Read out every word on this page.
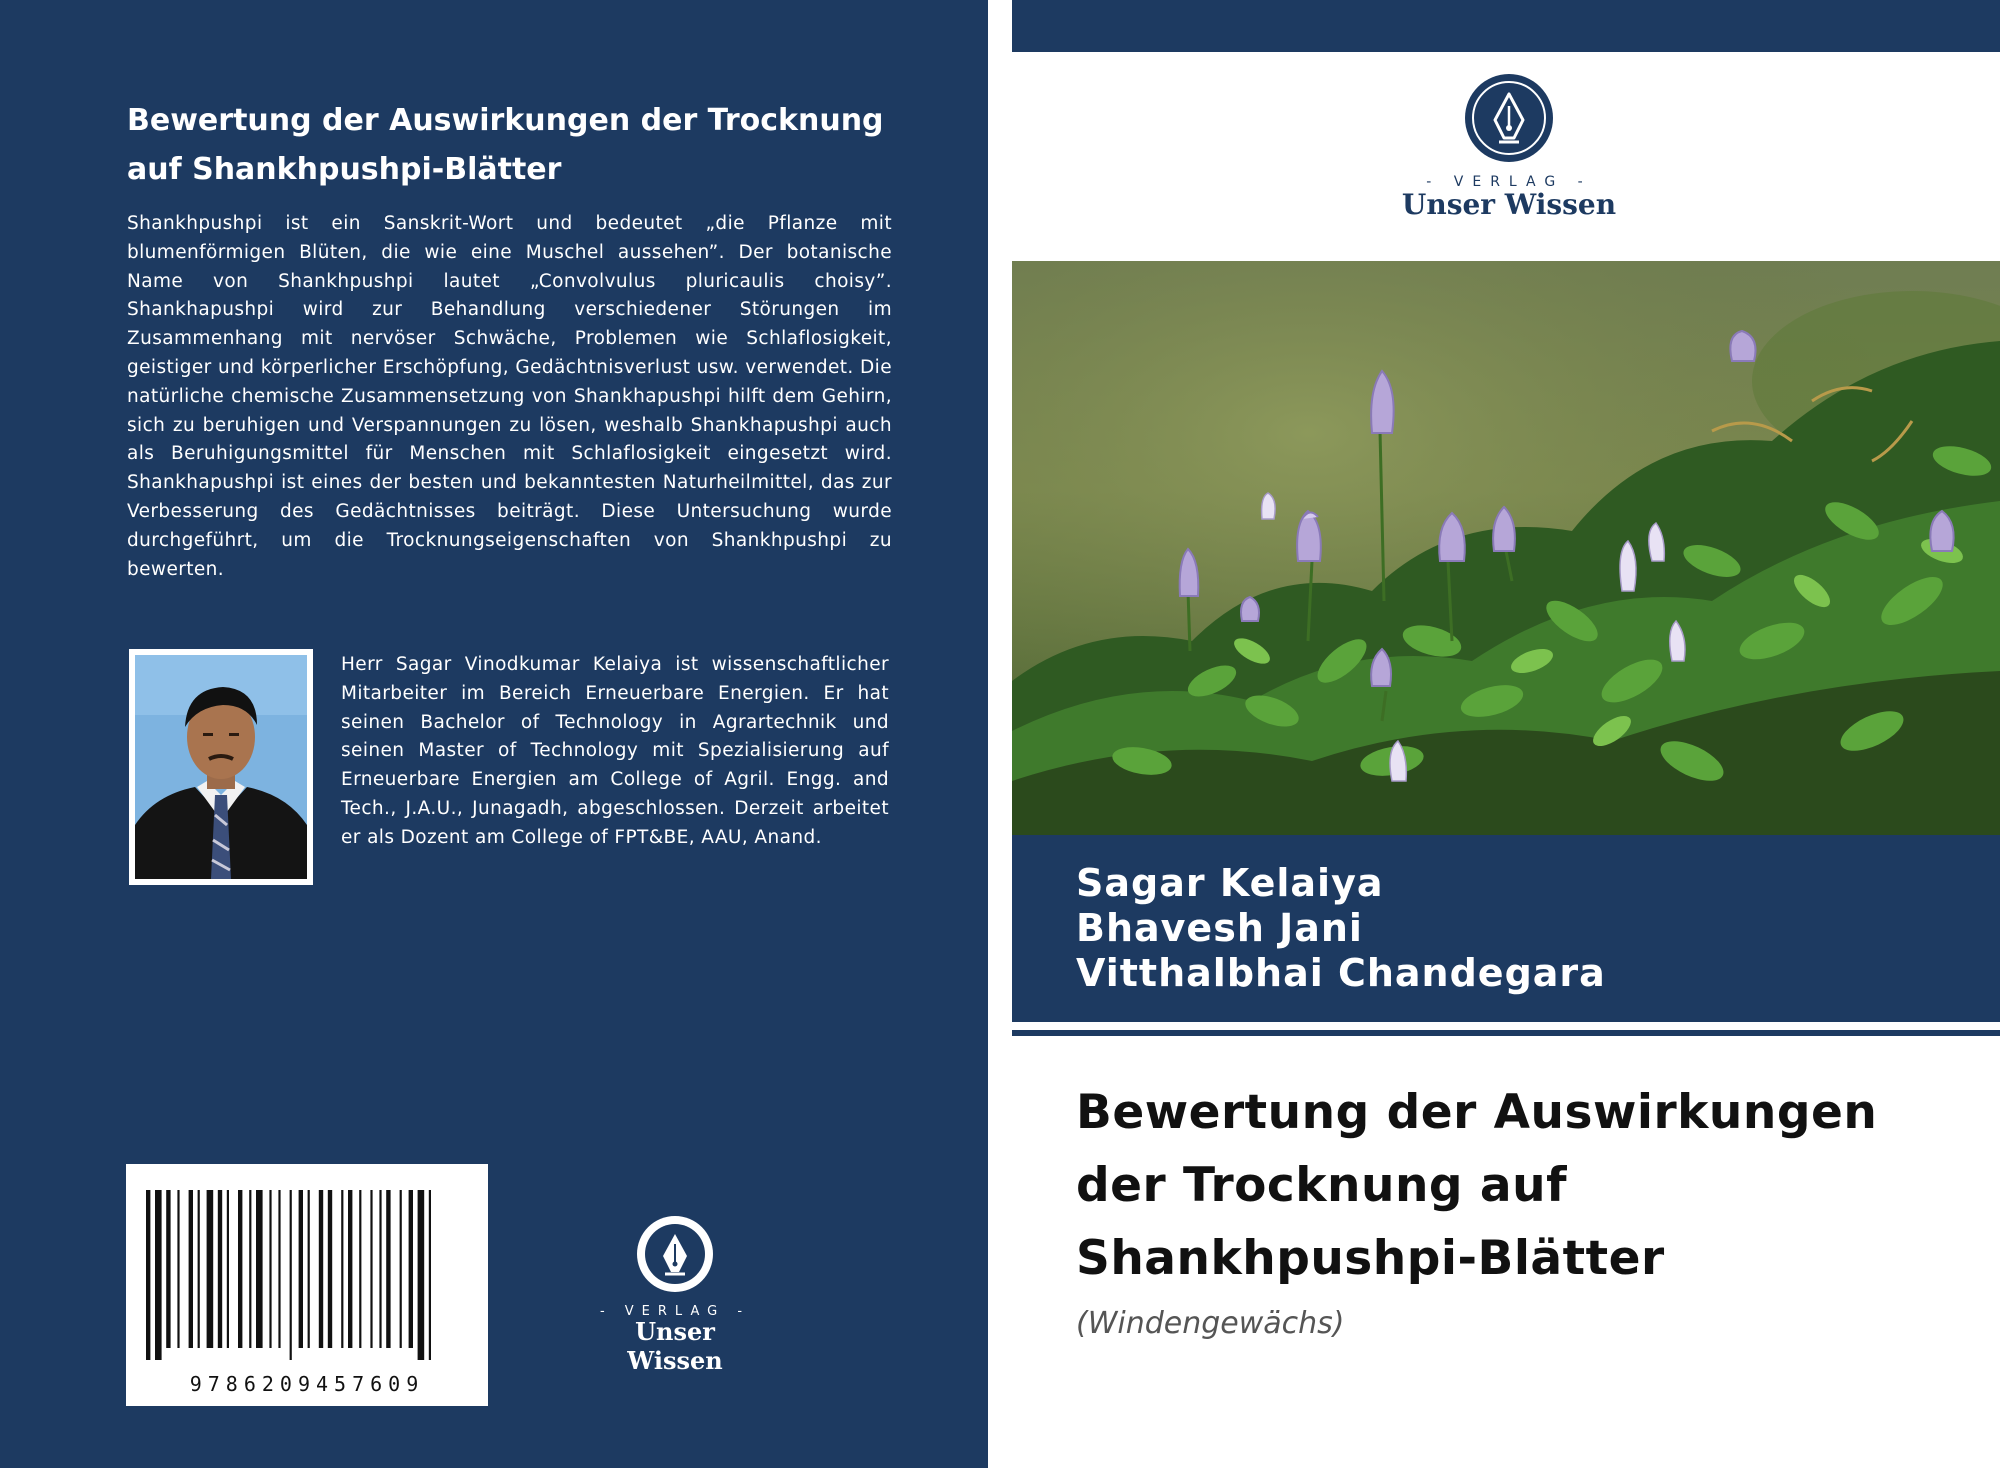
Bewertung der Auswirkungen der Trocknung auf Shankhpushpi-Blätter

Shankhpushpi ist ein Sanskrit-Wort und bedeutet „die Pflanze mit blumenförmigen Blüten, die wie eine Muschel aussehen”. Der botanische Name von Shankhpushpi lautet „Convolvulus pluricaulis choisy”. Shankhapushpi wird zur Behandlung verschiedener Störungen im Zusammenhang mit nervöser Schwäche, Problemen wie Schlaflosigkeit, geistiger und körperlicher Erschöpfung, Gedächtnisverlust usw. verwendet. Die natürliche chemische Zusammensetzung von Shankhapushpi hilft dem Gehirn, sich zu beruhigen und Verspannungen zu lösen, weshalb Shankhapushpi auch als Beruhigungsmittel für Menschen mit Schlaflosigkeit eingesetzt wird. Shankhapushpi ist eines der besten und bekanntesten Naturheilmittel, das zur Verbesserung des Gedächtnisses beiträgt. Diese Untersuchung wurde durchgeführt, um die Trocknungseigenschaften von Shankhpushpi zu bewerten.

Herr Sagar Vinodkumar Kelaiya ist wissenschaftlicher Mitarbeiter im Bereich Erneuerbare Energien. Er hat seinen Bachelor of Technology in Agrartechnik und seinen Master of Technology mit Spezialisierung auf Erneuerbare Energien am College of Agril. Engg. and Tech., J.A.U., Junagadh, abgeschlossen. Derzeit arbeitet er als Dozent am College of FPT&BE, AAU, Anand.

9786209457609
- VERLAG -
Unser Wissen
- VERLAG -
Unser Wissen
Sagar Kelaiya
Bhavesh Jani
Vitthalbhai Chandegara
Bewertung der Auswirkungen der Trocknung auf Shankhpushpi-Blätter

(Windengewächs)
